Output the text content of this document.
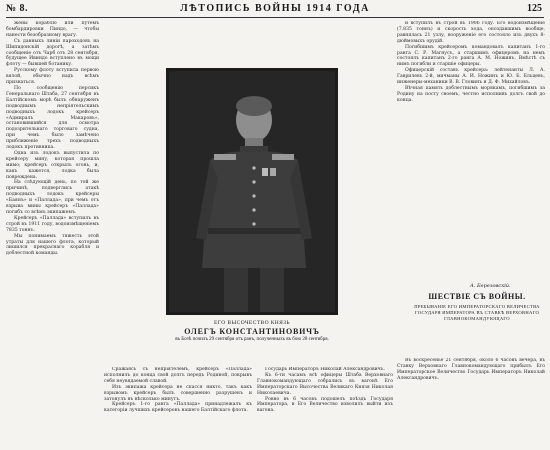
№ 8.	ЛѢТОПИСЬ ВОЙНЫ 1914 ГОДА	125

жены кораблю или путемъ бомбардировки Пиндо, — чтобы нанести безобразному врагу.

Съ данныхъ линіи пароходовъ на Шипидонскій дорогѣ, а затѣмъ сообщеніе отъ Чарб отъ 28 сентября, будущее Ивиндо вступлено въ мощи флоту — бывшей ботанику.

Русскому флоту вступила первою вялой, обычно надъ всѣмъ признаться.

По сообщенію персикъ Генеральнаго Штаба, 27 сентября въ Балтійскомъ морѣ былъ обнаруженъ подводнымъ непріятельскимъ подводныхъ лодокъ крейсеръ «Адмиралъ Макаровъ», остановившийся для осмотра подозрительнаго торговаго судна, при чемъ было замѣчено приближеніе трехъ подводныхъ лодокъ противника.

Одна изъ лодокъ выпустила по крейсеру мину, которая прошла мимо; крейсеръ открылъ огонь, и, какъ кажется, лодка была повреждена.

На слѣдующій день, по той же причинѣ, подверглись атакѣ подводныхъ лодокъ крейсеры «Баянъ» и «Паллада», при чемъ отъ взрыва мины крейсеръ «Паллада» погибъ со всѣмъ экипажемъ.

Крейсеръ «Паллада» вступилъ въ строй въ 1911 году, водоизмѣщеніемъ 7835 тоннъ.

Мы понимаемъ тяжесть этой утраты для нашего флота, который лишился прекраснаго корабля и доблестной команды.

ЕГО ВЫСОЧЕСТВО КНЯЗЬ
ОЛЕГЪ КОНСТАНТИНОВИЧЪ
въ Бозѣ почилъ 29 сентября отъ ранъ, полученныхъ въ бою 28 сентября.

и вступилъ въ строй въ 1906 году. Его водоизмѣщеніе (7.835 тоннъ) и скорость хода, опоздавшимъ вообще, равнялась 21 узлу, вооруженіе его состояло изъ двухъ 8-дюймовыхъ орудій.

Погибшимъ крейсеромъ командовалъ капитанъ 1-го ранга С. Р. Магнусъ, а старшимъ офицеромъ на немъ состоялъ капитанъ 2-го ранга А. М. Ножинъ. Вмѣстѣ съ нимъ погибли и старшіе офицеры.

Офицерскій составъ крейсера: лейтенанты Л. А. Гаврилевъ 2-й, мичманы А. И. Ножинъ и Ю. Б. Ельцевъ, инженеры-механики В. В. Гловинъ и Д. Ф. Михайловъ.

Вѣчная память доблестнымъ морякамъ, погибшимъ за Родину на посту своемъ, честно исполнивъ долгъ свой до конца.

А. Березовскій.
ШЕСТВІЕ СЪ ВОЙНЫ.
ПРЕБЫВАНІЕ ЕГО ИМПЕРАТОРСКАГО ВЕЛИЧЕСТВА ГОСУДАРЯ ИМПЕРАТОРА ВЪ СТАВКѢ ВЕРХОВНАГО ГЛАВНОКОМАНДУЮЩАГО

Въ воскресенье 21 сентября, около 6 часовъ вечера, въ Ставку Верховнаго Главнокомандующаго прибылъ Его Императорское Величество Государь Императоръ Николай Александровичъ.

Сражаясь съ непріятелемъ, крейсеръ «Паллада» исполнилъ до конца свой долгъ передъ Родиной, покрывъ себя неувядаемой славой.

Изъ экипажа крейсера не спасся никто, такъ какъ взрывомъ крейсеръ былъ совершенно разрушенъ и затонулъ въ нѣсколько минутъ.

Крейсеръ 1-го ранга «Паллада» принадлежалъ къ категоріи лучшихъ крейсеровъ нашего Балтійскаго флота.

Государь Императоръ Николай Александровичъ.

Къ 6-ти часамъ всѣ офицеры Штаба Верховнаго Главнокомандующаго собрались въ вагонѣ Его Императорскаго Высочества Великаго Князя Николая Николаевича.

Ровно въ 6 часовъ подошелъ поѣздъ Государя Императора, и Его Величество изволилъ выйти изъ вагона.
